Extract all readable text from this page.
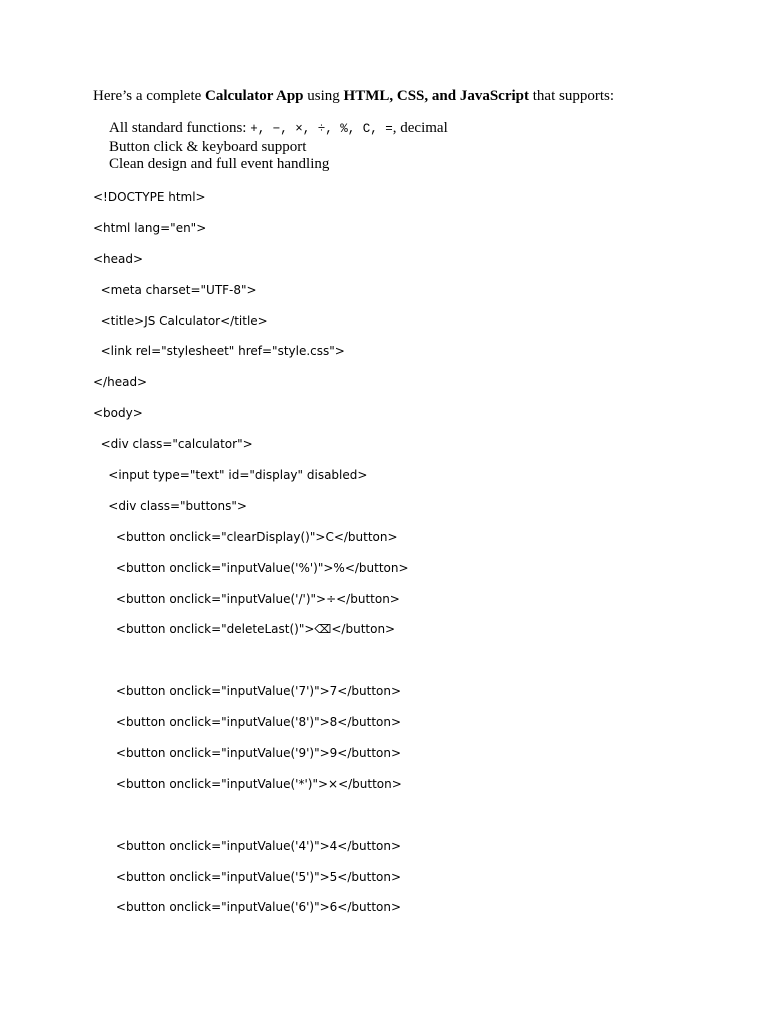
Here’s a complete Calculator App using HTML, CSS, and JavaScript that supports:

All standard functions: +, −, ×, ÷, %, C, =, decimal
Button click & keyboard support
Clean design and full event handling
<!DOCTYPE html>
<html lang="en">
<head>
<meta charset="UTF-8">
<title>JS Calculator</title>
<link rel="stylesheet" href="style.css">
</head>
<body>
<div class="calculator">
<input type="text" id="display" disabled>
<div class="buttons">
<button onclick="clearDisplay()">C</button>
<button onclick="inputValue('%')">%</button>
<button onclick="inputValue('/')">÷</button>
<button onclick="deleteLast()">⌫</button>
<button onclick="inputValue('7')">7</button>
<button onclick="inputValue('8')">8</button>
<button onclick="inputValue('9')">9</button>
<button onclick="inputValue('*')">×</button>
<button onclick="inputValue('4')">4</button>
<button onclick="inputValue('5')">5</button>
<button onclick="inputValue('6')">6</button>
